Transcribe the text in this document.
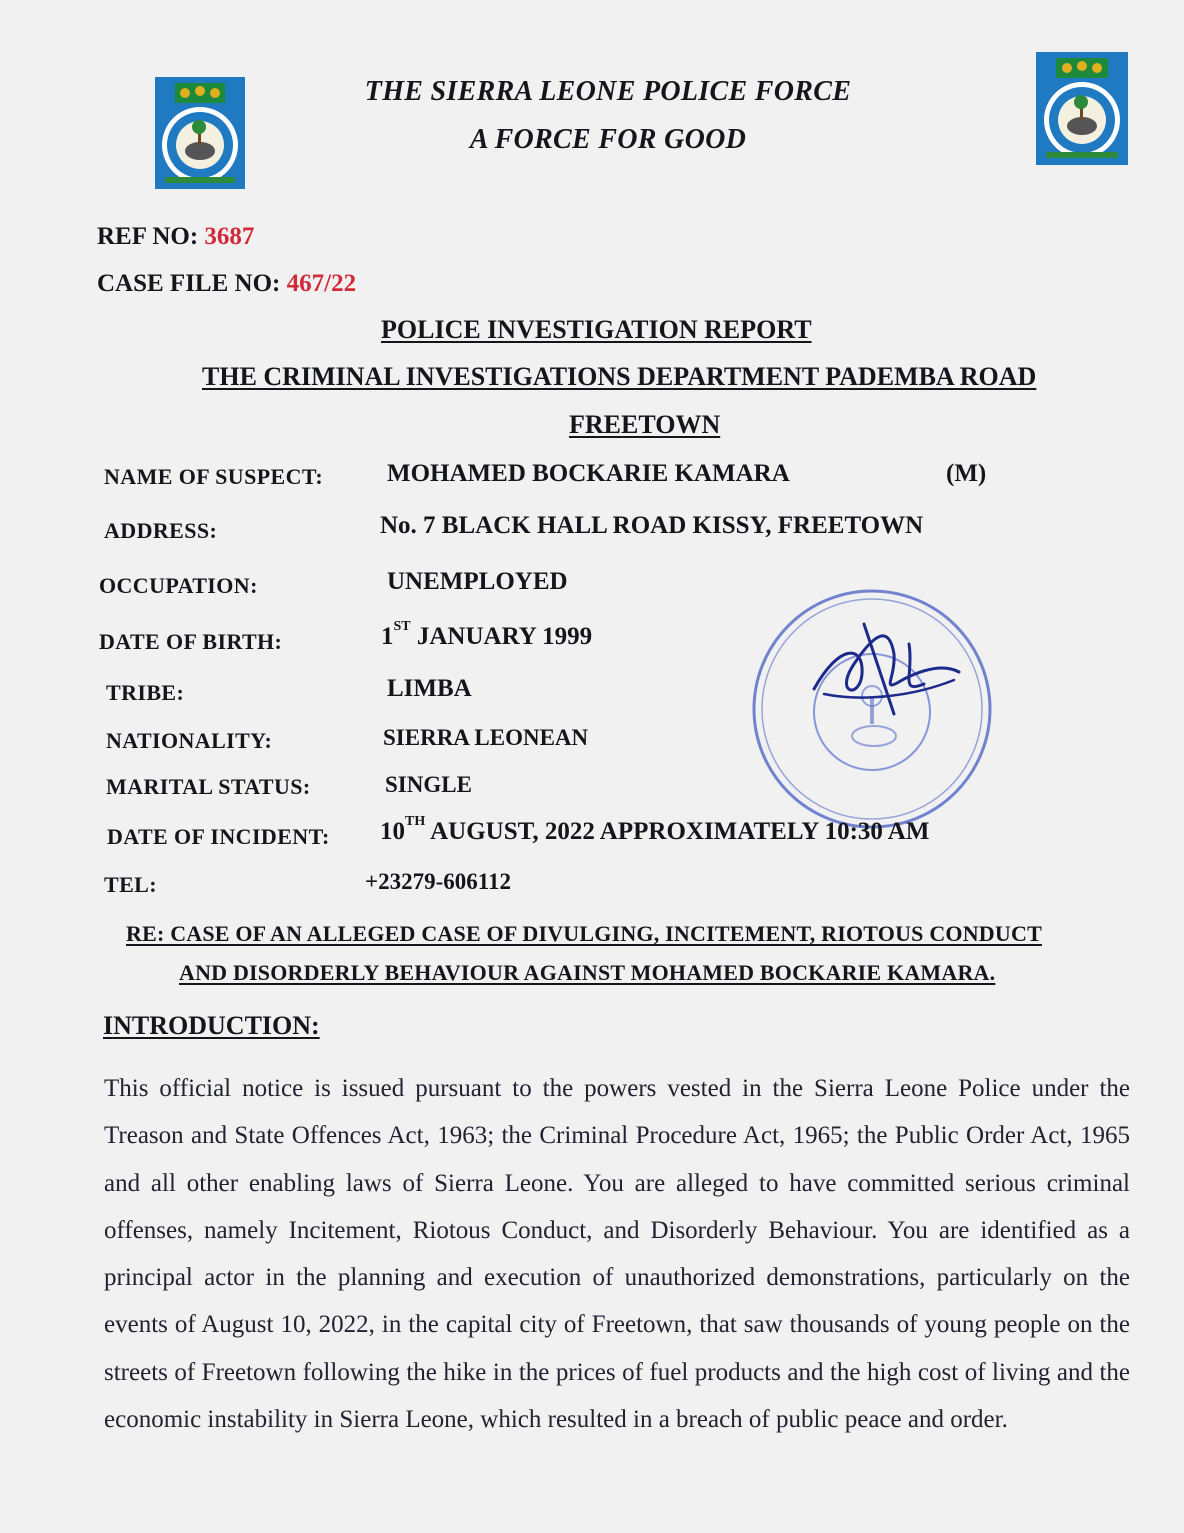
THE SIERRA LEONE POLICE FORCE
A FORCE FOR GOOD
REF NO: 3687
CASE FILE NO: 467/22
POLICE INVESTIGATION REPORT
THE CRIMINAL INVESTIGATIONS DEPARTMENT PADEMBA ROAD
FREETOWN
NAME OF SUSPECT:	MOHAMED BOCKARIE KAMARA	(M)
ADDRESS:	No. 7 BLACK HALL ROAD KISSY, FREETOWN
OCCUPATION:	UNEMPLOYED
DATE OF BIRTH:	1ST JANUARY 1999
TRIBE:	LIMBA
NATIONALITY:	SIERRA LEONEAN
MARITAL STATUS:	SINGLE
DATE OF INCIDENT: 10TH AUGUST, 2022 APPROXIMATELY 10:30 AM
TEL:	+23279-606112
RE: CASE OF AN ALLEGED CASE OF DIVULGING, INCITEMENT, RIOTOUS CONDUCT
AND DISORDERLY BEHAVIOUR AGAINST MOHAMED BOCKARIE KAMARA.
INTRODUCTION:
This official notice is issued pursuant to the powers vested in the Sierra Leone Police under the Treason and State Offences Act, 1963; the Criminal Procedure Act, 1965; the Public Order Act, 1965 and all other enabling laws of Sierra Leone. You are alleged to have committed serious criminal offenses, namely Incitement, Riotous Conduct, and Disorderly Behaviour. You are identified as a principal actor in the planning and execution of unauthorized demonstrations, particularly on the events of August 10, 2022, in the capital city of Freetown, that saw thousands of young people on the streets of Freetown following the hike in the prices of fuel products and the high cost of living and the economic instability in Sierra Leone, which resulted in a breach of public peace and order.
